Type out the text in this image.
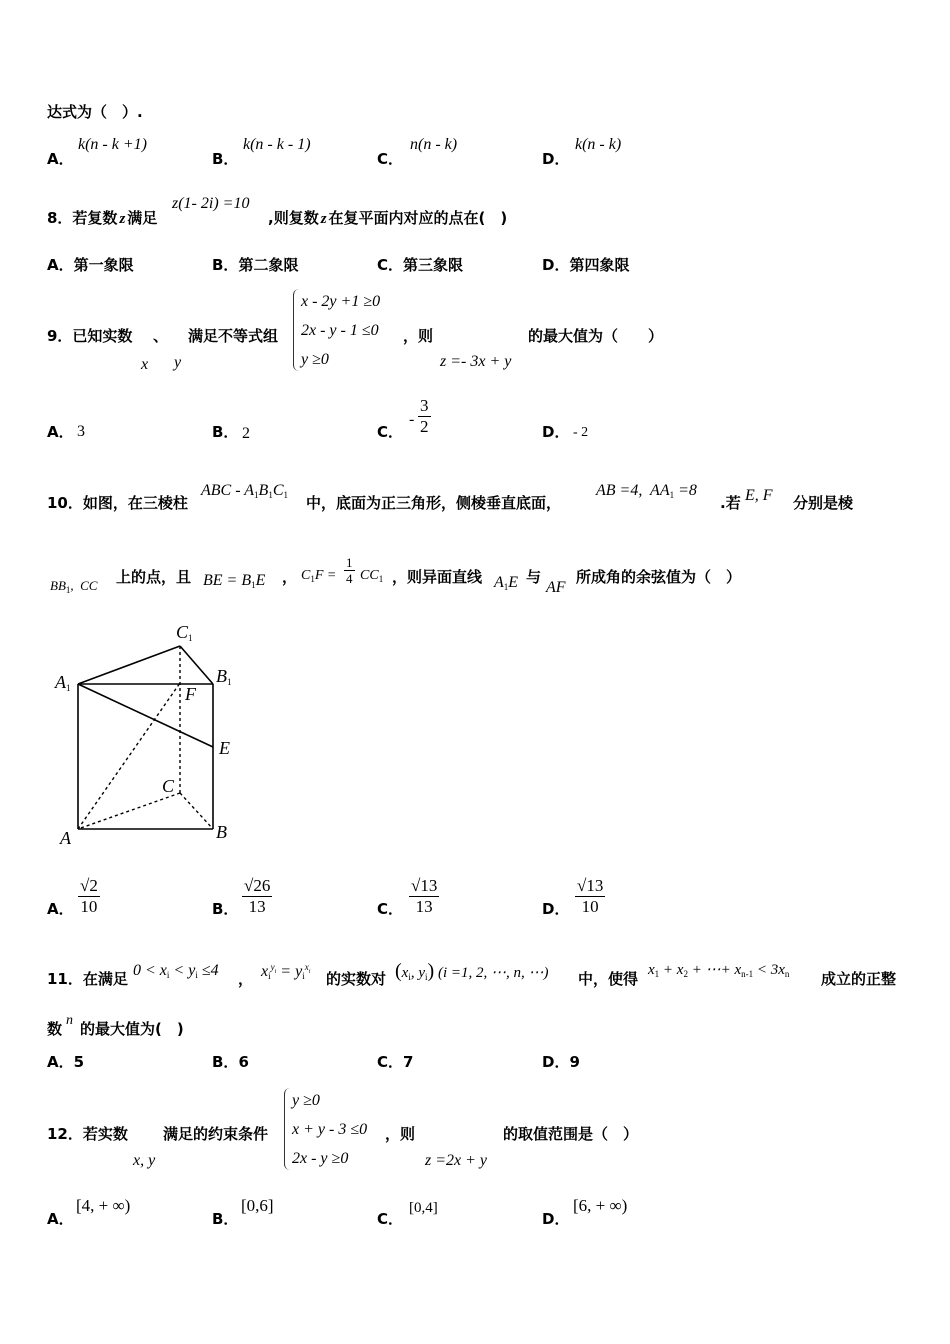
达式为（　）.
A．
k(n - k +1)
B．
k(n - k - 1)
C．
n(n - k)
D．
k(n - k)
8．若复数 z 满足
z(1- 2i) =10
,则复数 z 在复平面内对应的点在(　)
A．第一象限	B．第二象限	C．第三象限	D．第四象限
9．已知实数 、 满足不等式组
x y
x - 2y +1 ≥0
2x - y - 1 ≤0
y ≥0
，则
z =- 3x + y
的最大值为（　　）
A． 3	B． 2	C．
- $\frac{3}{2}$	D． - 2
10．如图，在三棱柱
ABC - $A_1B_1C_1$ 中，底面为正三角形，侧棱垂直底面，
AB =4,  $AA_1 =8$
.若 E, F 分别是棱
$BB_1$,  CC 上的点，且 BE = $B_1E$ ， $C_1F = \frac{1}{4} CC_1$ ，则异面直线 $A_1E$ 与
AF
所成角的余弦值为（　）
C1
A1
B1
F
E
C
A	B
A． $\frac{√2}{10}$	B． $\frac{√26}{13}$	C． $\frac{√13}{13}$	D． $\frac{√13}{10}$
11．在满足 $0 < x_i < y_i \le 4$ ， $x_i^{y_i} = y_i^{x_i}$ 的实数对 ($x_i$, $y_i$) (i =1, 2, ⋯, n, ⋯) 中，使得 $x_1 + x_2$ + ⋯+ $x_{n-1} < 3x_n$ 成立的正整
数 n 的最大值为(　)
A．5	B．6	C．7	D．9
12．若实数
x, y
满足的约束条件
y ≥0
x + y - 3 ≤0
2x - y ≥0
，则
z =2x + y
的取值范围是（　）
A．
[4, + ∞)
B．
[0,6]
C．
[0,4]
D．
[6, + ∞)
